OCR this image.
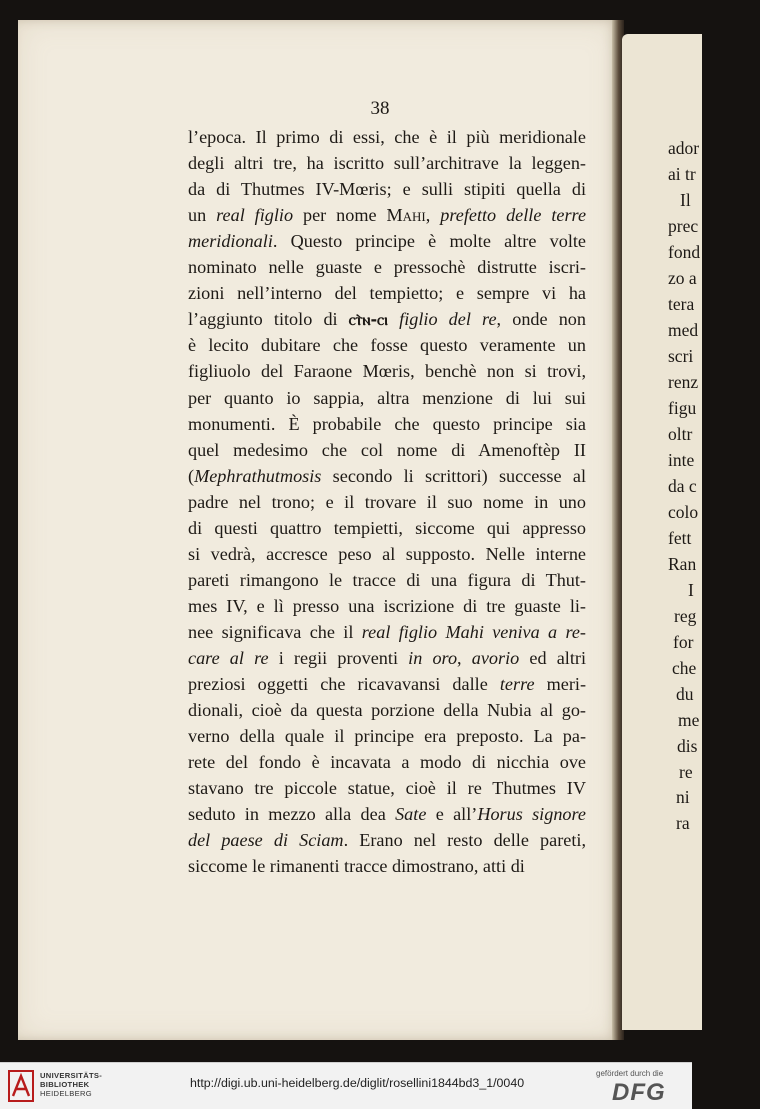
38
l’epoca. Il primo di essi, che è il più meridionale
degli altri tre, ha iscritto sull’architrave la leggen-
da di Thutmes IV-Mœris; e sulli stipiti quella di
un real figlio per nome Mahi, prefetto delle terre
meridionali. Questo principe è molte altre volte
nominato nelle guaste e pressochè distrutte iscri-
zioni nell’interno del tempietto; e sempre vi ha
l’aggiunto titolo di ⲥⲧ̀ⲛ-ⲥⲓ figlio del re, onde non
è lecito dubitare che fosse questo veramente un
figliuolo del Faraone Mœris, benchè non si trovi,
per quanto io sappia, altra menzione di lui sui
monumenti. È probabile che questo principe sia
quel medesimo che col nome di Amenoftèp II
(Mephrathutmosis secondo li scrittori) successe al
padre nel trono; e il trovare il suo nome in uno
di questi quattro tempietti, siccome qui appresso
si vedrà, accresce peso al supposto. Nelle interne
pareti rimangono le tracce di una figura di Thut-
mes IV, e lì presso una iscrizione di tre guaste li-
nee significava che il real figlio Mahi veniva a re-
care al re i regii proventi in oro, avorio ed altri
preziosi oggetti che ricavavansi dalle terre meri-
dionali, cioè da questa porzione della Nubia al go-
verno della quale il principe era preposto. La pa-
rete del fondo è incavata a modo di nicchia ove
stavano tre piccole statue, cioè il re Thutmes IV
seduto in mezzo alla dea Sate e all’Horus signore
del paese di Sciam. Erano nel resto delle pareti,
siccome le rimanenti tracce dimostrano, atti di
ador
ai tr
Il
prec
fond
zo a
tera
med
scri
renz
figu
oltr
inte
da c
colo
fett
Ran
I
reg
for
che
du
me
dis
re
ni
ra
UNIVERSITÄTS-
BIBLIOTHEK
HEIDELBERG
http://digi.ub.uni-heidelberg.de/diglit/rosellini1844bd3_1/0040
gefördert durch die
DFG
